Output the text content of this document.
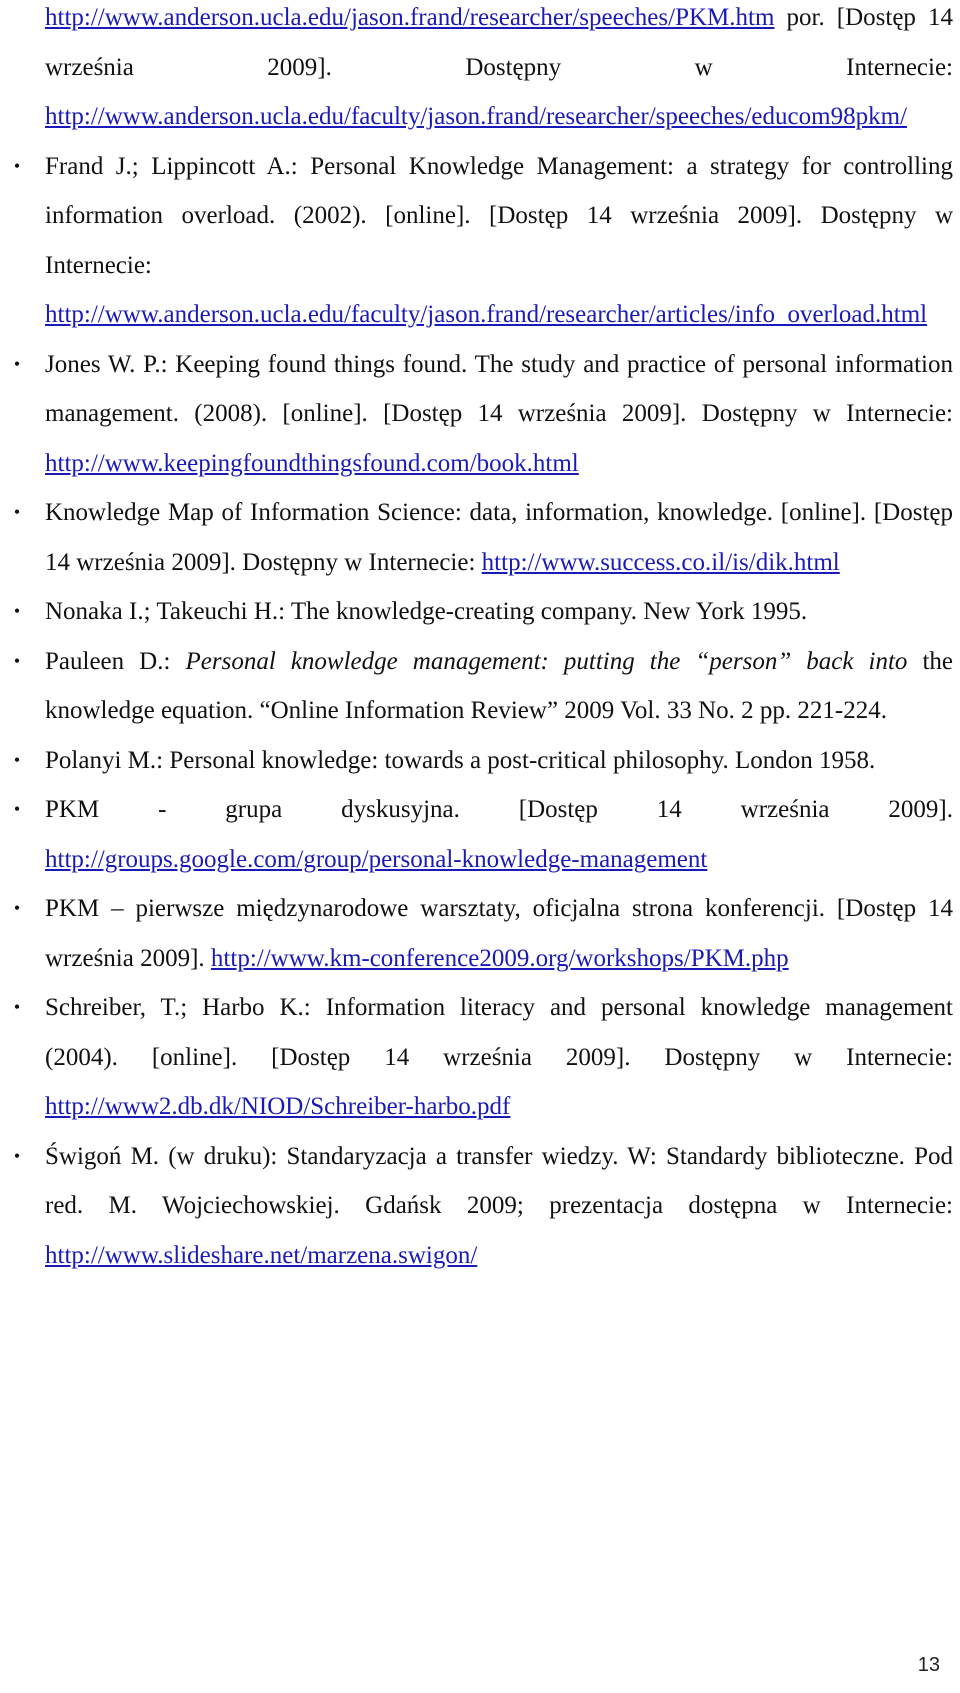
http://www.anderson.ucla.edu/jason.frand/researcher/speeches/PKM.htm por. [Dostęp 14 września 2009]. Dostępny w Internecie: http://www.anderson.ucla.edu/faculty/jason.frand/researcher/speeches/educom98pkm/
• Frand J.; Lippincott A.: Personal Knowledge Management: a strategy for controlling information overload. (2002). [online]. [Dostęp 14 września 2009]. Dostępny w Internecie: http://www.anderson.ucla.edu/faculty/jason.frand/researcher/articles/info_overload.html
• Jones W. P.: Keeping found things found. The study and practice of personal information management. (2008). [online]. [Dostęp 14 września 2009]. Dostępny w Internecie: http://www.keepingfoundthingsfound.com/book.html
• Knowledge Map of Information Science: data, information, knowledge. [online]. [Dostęp 14 września 2009]. Dostępny w Internecie: http://www.success.co.il/is/dik.html
• Nonaka I.; Takeuchi H.: The knowledge-creating company. New York 1995.
• Pauleen D.: Personal knowledge management: putting the “person” back into the knowledge equation. “Online Information Review” 2009 Vol. 33 No. 2 pp. 221-224.
• Polanyi M.: Personal knowledge: towards a post-critical philosophy. London 1958.
• PKM - grupa dyskusyjna. [Dostęp 14 września 2009]. http://groups.google.com/group/personal-knowledge-management
• PKM – pierwsze międzynarodowe warsztaty, oficjalna strona konferencji. [Dostęp 14 września 2009]. http://www.km-conference2009.org/workshops/PKM.php
• Schreiber, T.; Harbo K.: Information literacy and personal knowledge management (2004). [online]. [Dostęp 14 września 2009]. Dostępny w Internecie: http://www2.db.dk/NIOD/Schreiber-harbo.pdf
• Świgoń M. (w druku): Standaryzacja a transfer wiedzy. W: Standardy biblioteczne. Pod red. M. Wojciechowskiej. Gdańsk 2009; prezentacja dostępna w Internecie: http://www.slideshare.net/marzena.swigon/
13
